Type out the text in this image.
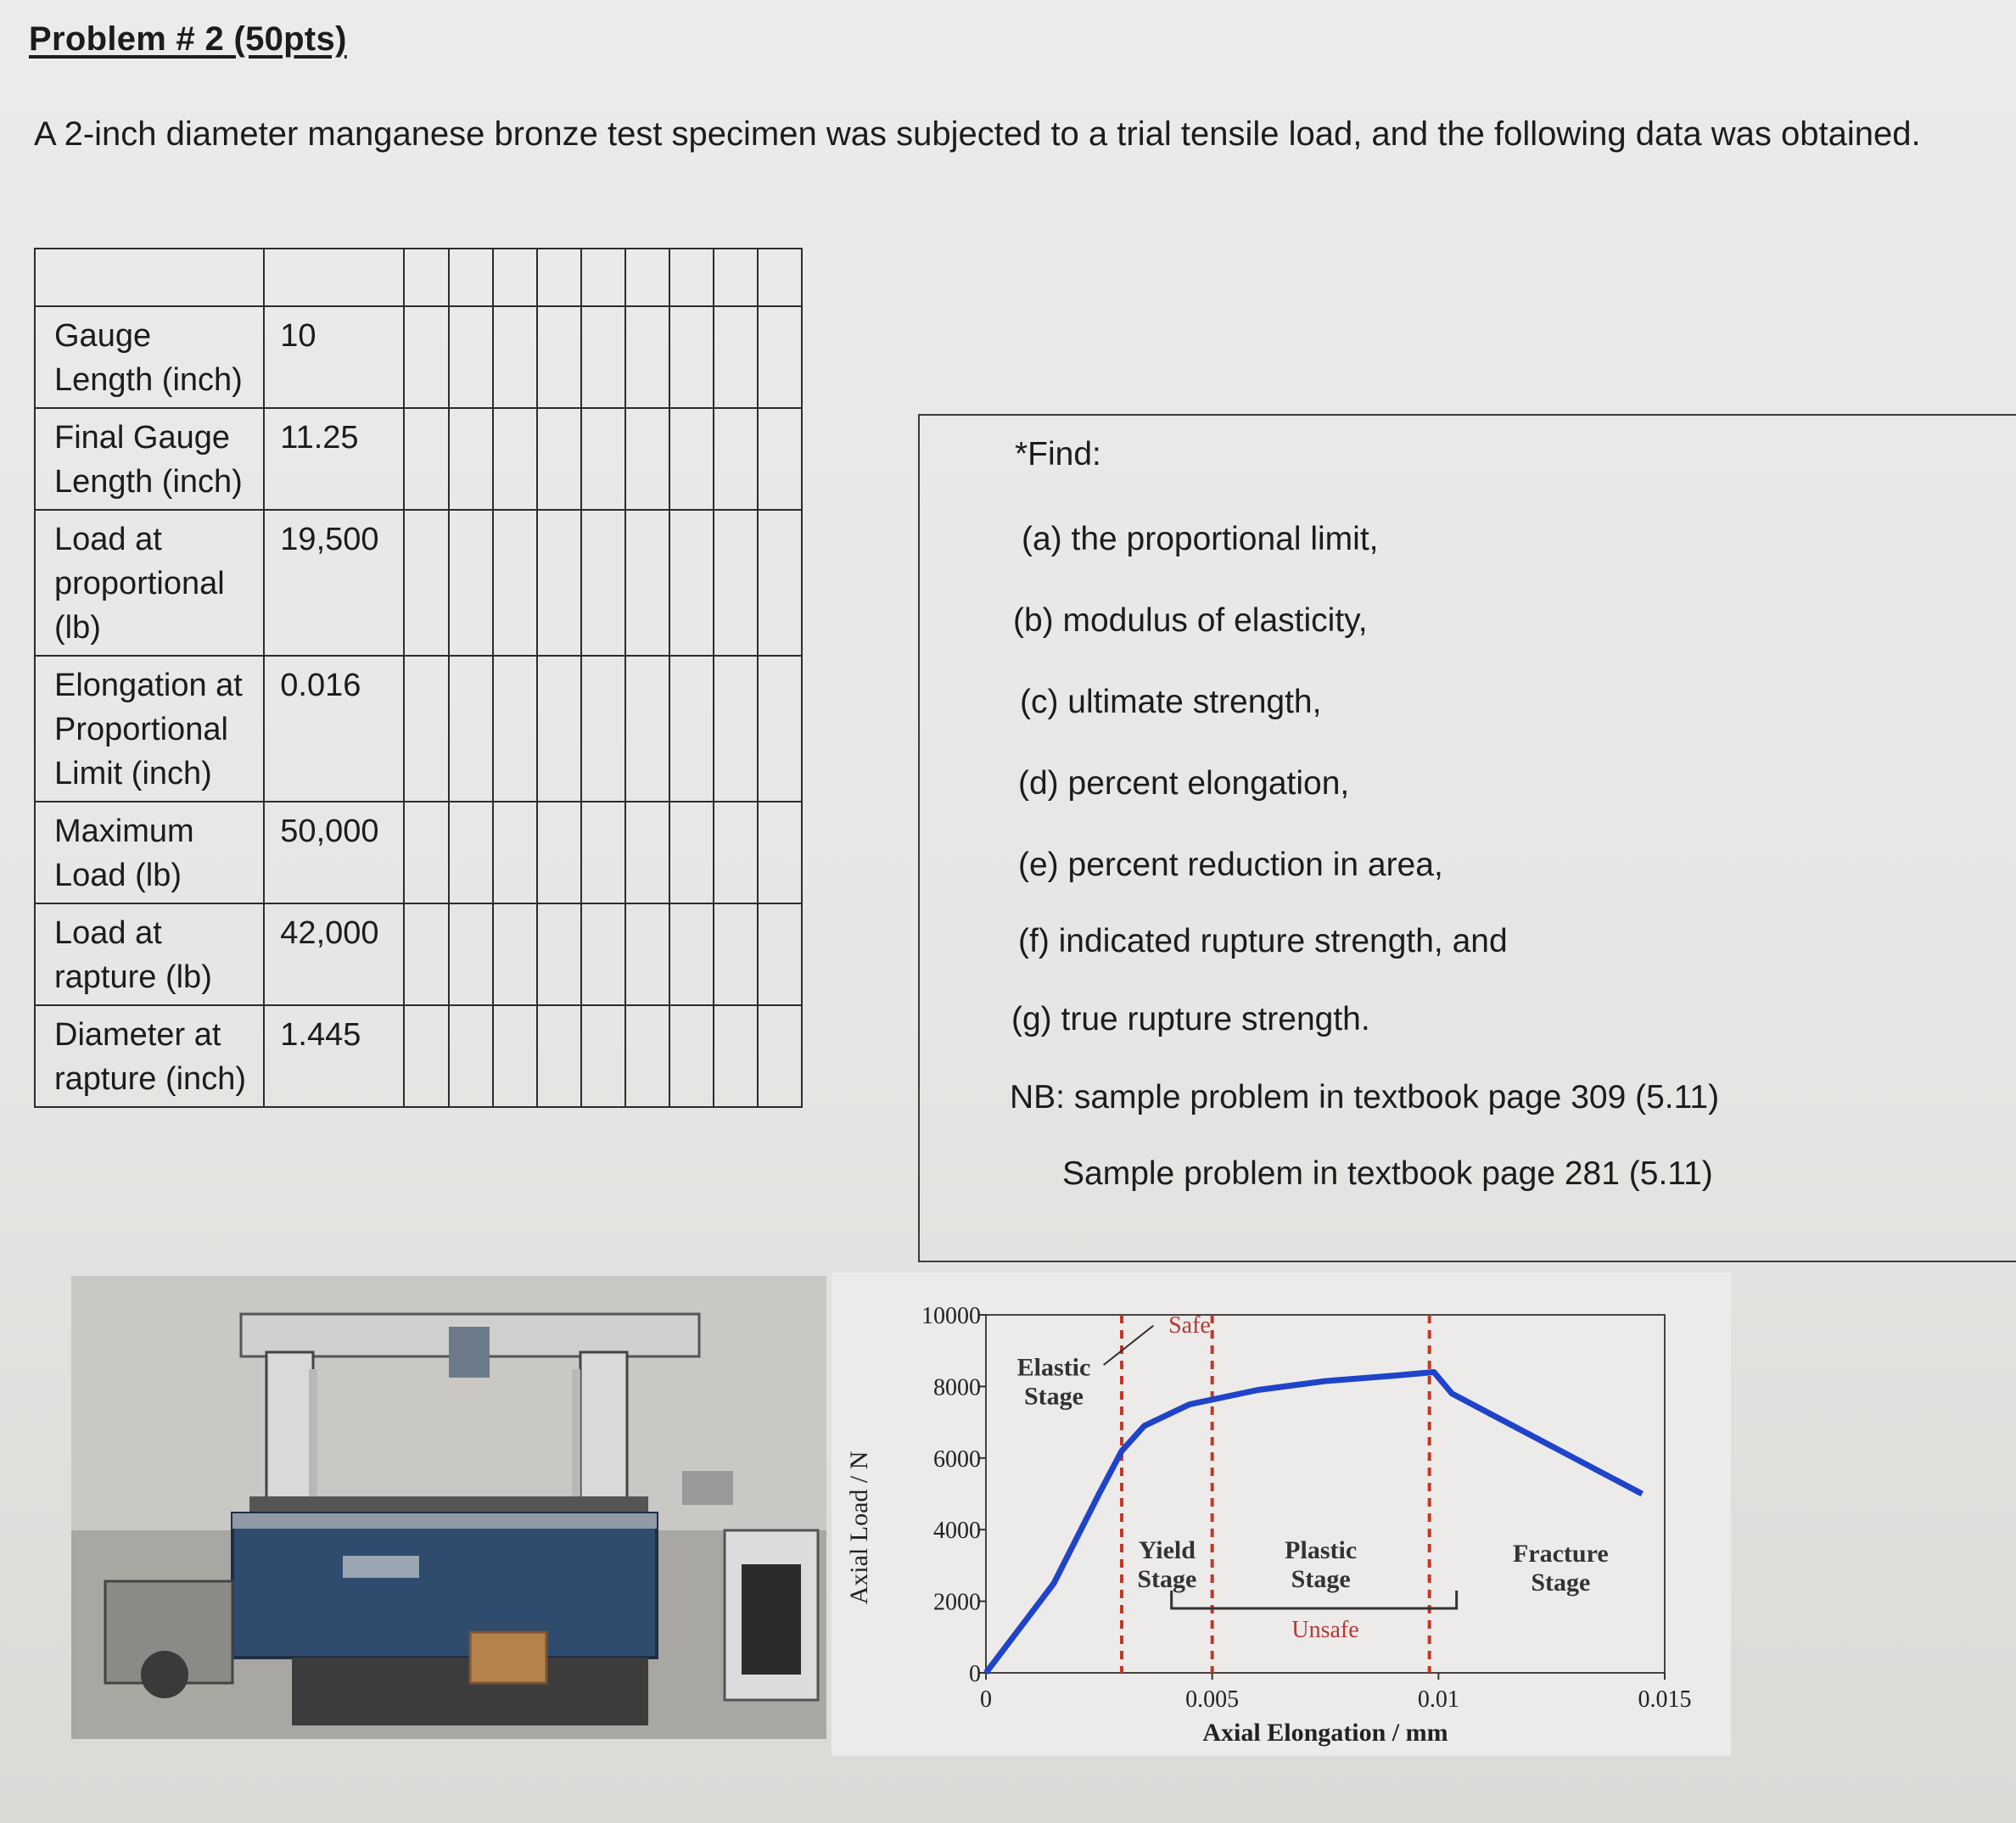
Problem # 2 (50pts)
A 2-inch diameter manganese bronze test specimen was subjected to a trial tensile load, and the following data was obtained.

Gauge Length (inch)	10									
Final Gauge Length (inch)	11.25									
Load at proportional (lb)	19,500									
Elongation at Proportional Limit (inch)	0.016									
Maximum Load (lb)	50,000									
Load at rapture (lb)	42,000									
Diameter at rapture (inch)	1.445									
*Find:
(a) the proportional limit,
(b) modulus of elasticity,
(c) ultimate strength,
(d) percent elongation,
(e) percent reduction in area,
(f) indicated rupture strength, and
(g) true rupture strength.
NB: sample problem in textbook page 309 (5.11)
Sample problem in textbook page 281 (5.11)
0
2000
4000
6000
8000
10000
0	0.005	0.01	0.015
Axial Elongation / mm
Axial Load / N
Elastic Stage
Yield Stage
Plastic Stage
Fracture Stage
Safe
Unsafe
